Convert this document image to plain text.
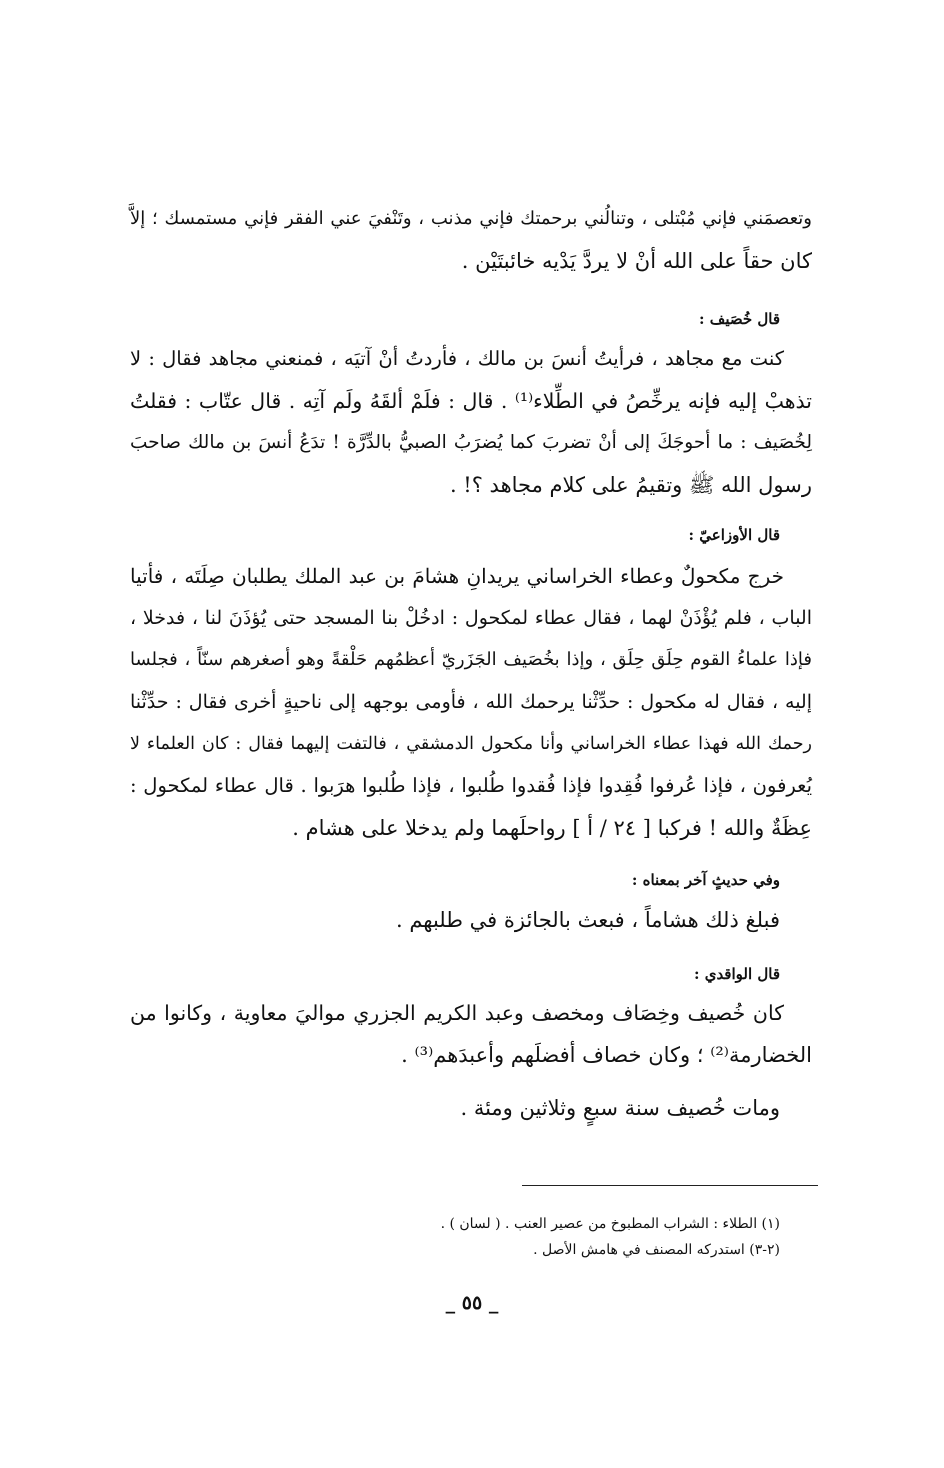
وتعصمَني فإني مُبْتلى ، وتنالُني برحمتك فإني مذنب ، وتَنْفيَ عني الفقر فإني مستمسك ؛ إلاَّ
كان حقاً على الله أنْ لا يردَّ يَدْيه خائبتَيْن .
قال خُصَيف :
كنت مع مجاهد ، فرأيتُ أنسَ بن مالك ، فأردتُ أنْ آتيَه ، فمنعني مجاهد فقال : لا
تذهبْ إليه فإنه يرخِّصُ في الطِّلاء⁽¹⁾ . قال : فلَمْ ألقَهُ ولَم آتِه . قال عتّاب : فقلتُ
لِخُصَيف : ما أحوجَكَ إلى أنْ تضربَ كما يُضرَبُ الصبيُّ بالدِّرَّة ! تدَعُ أنسَ بن مالك صاحبَ
رسول الله ﷺ وتقيمُ على كلام مجاهد ؟! .
قال الأوزاعيّ :
خرج مكحولٌ وعطاء الخراساني يريدانِ هشامَ بن عبد الملك يطلبان صِلَتَه ، فأتيا
الباب ، فلم يُؤْذَنْ لهما ، فقال عطاء لمكحول : ادخُلْ بنا المسجد حتى يُؤذَنَ لنا ، فدخلا ،
فإذا علماءُ القوم حِلَق حِلَق ، وإذا بخُصَيف الجَزَريّ أعظمُهم حَلْقةً وهو أصغرهم سنّاً ، فجلسا
إليه ، فقال له مكحول : حدِّثْنا يرحمك الله ، فأومى بوجهه إلى ناحيةٍ أخرى فقال : حدِّثْنا
رحمك الله فهذا عطاء الخراساني وأنا مكحول الدمشقي ، فالتفت إليهما فقال : كان العلماء لا
يُعرفون ، فإذا عُرفوا فُقِدوا فإذا فُقدوا طُلبوا ، فإذا طُلبوا هرَبوا . قال عطاء لمكحول :
عِظَةٌ والله ! فركبا [ ٢٤ / أ ] رواحلَهما ولم يدخلا على هشام .
وفي حديثٍ آخر بمعناه :
فبلغ ذلك هشاماً ، فبعث بالجائزة في طلبهم .
قال الواقدي :
كان خُصيف وخِصَاف ومخصف وعبد الكريم الجزري مواليَ معاوية ، وكانوا من
الخضارمة⁽²⁾ ؛ وكان خصاف أفضلَهم وأعبدَهم⁽³⁾ .
ومات خُصيف سنة سبعٍ وثلاثين ومئة .
(١) الطلاء : الشراب المطبوخ من عصير العنب . ( لسان ) .
(٢-٣) استدركه المصنف في هامش الأصل .
_ ٥٥ _
